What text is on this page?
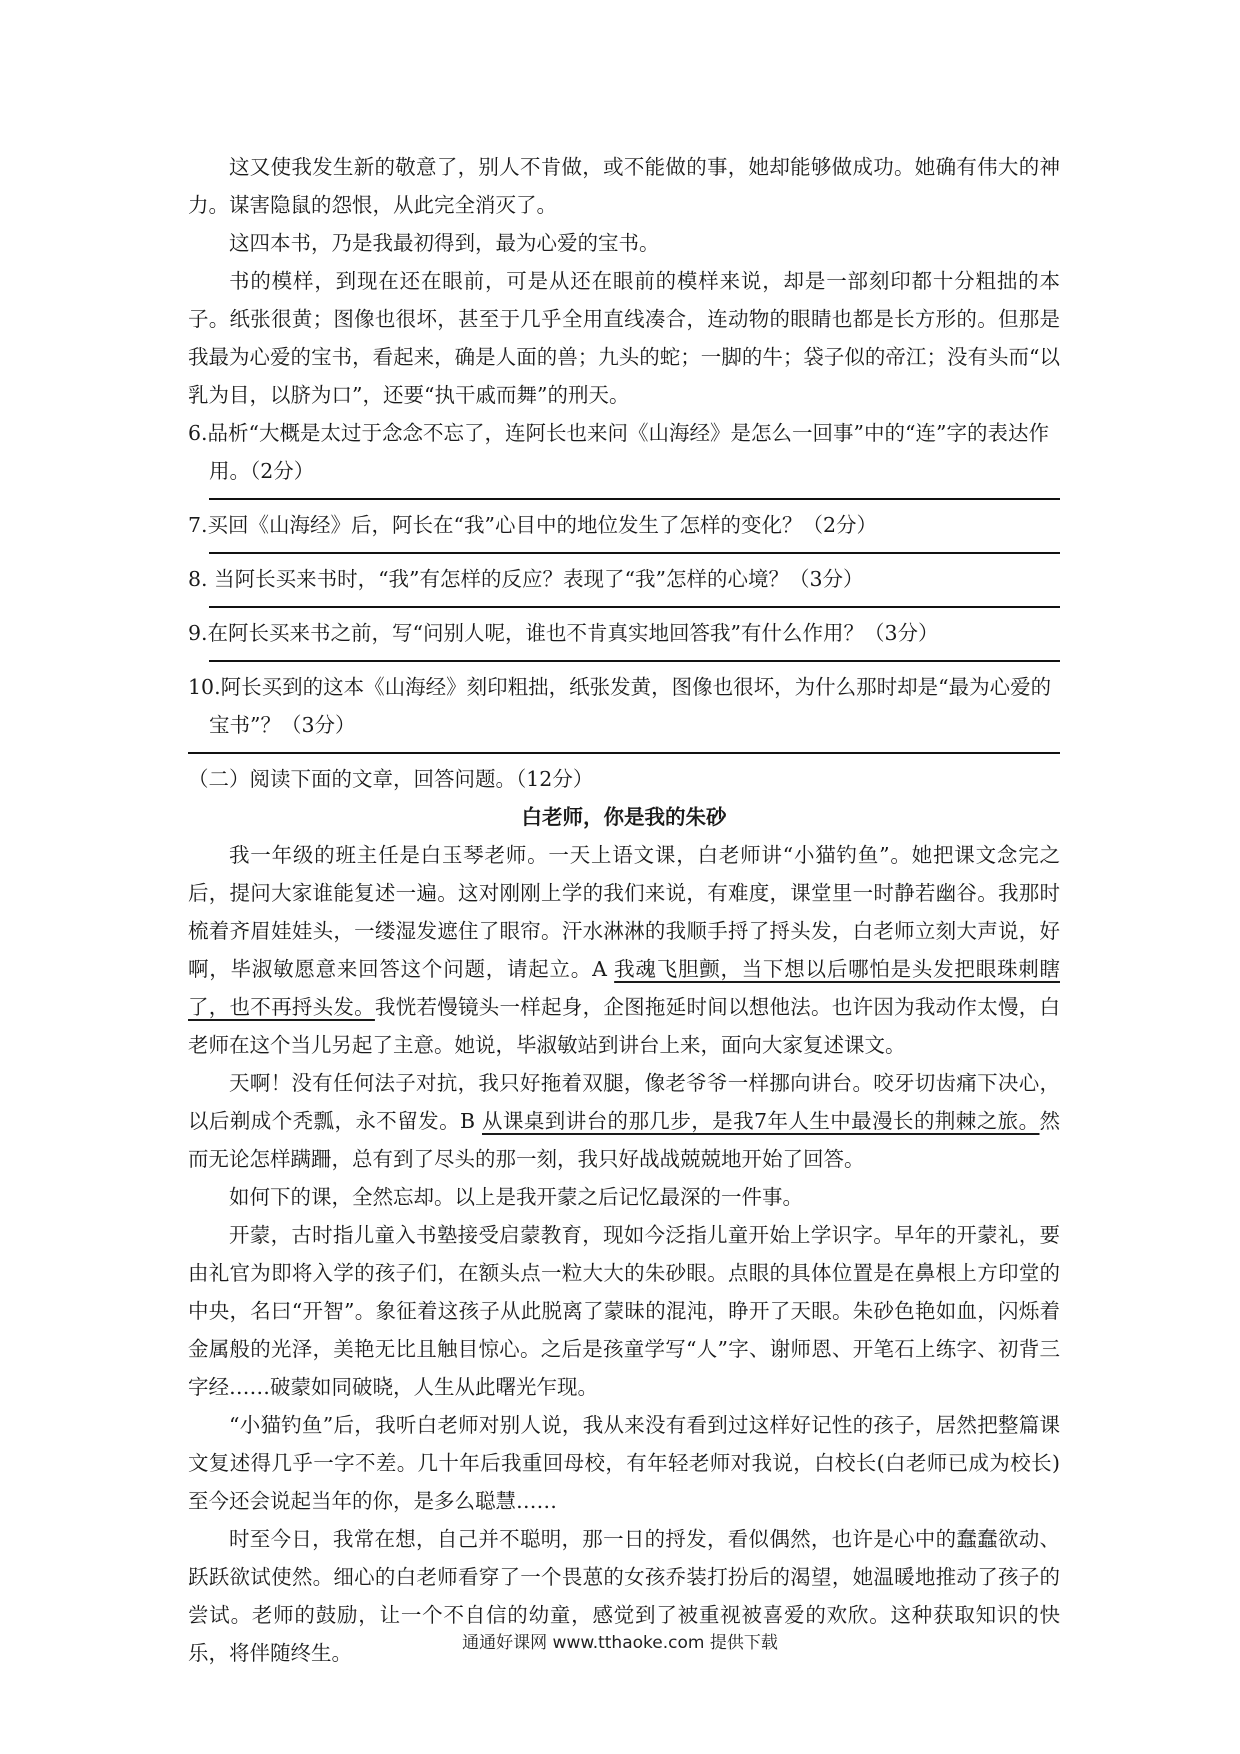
这又使我发生新的敬意了，别人不肯做，或不能做的事，她却能够做成功。她确有伟大的神力。谋害隐鼠的怨恨，从此完全消灭了。

这四本书，乃是我最初得到，最为心爱的宝书。

书的模样，到现在还在眼前，可是从还在眼前的模样来说，却是一部刻印都十分粗拙的本子。纸张很黄；图像也很坏，甚至于几乎全用直线凑合，连动物的眼睛也都是长方形的。但那是我最为心爱的宝书，看起来，确是人面的兽；九头的蛇；一脚的牛；袋子似的帝江；没有头而“以乳为目，以脐为口”，还要“执干戚而舞”的刑天。

6.品析“大概是太过于念念不忘了，连阿长也来问《山海经》是怎么一回事”中的“连”字的表达作用。（2分）

7.买回《山海经》后，阿长在“我”心目中的地位发生了怎样的变化？（2分）

8. 当阿长买来书时，“我”有怎样的反应？表现了“我”怎样的心境？（3分）

9.在阿长买来书之前，写“问别人呢，谁也不肯真实地回答我”有什么作用？（3分）

10.阿长买到的这本《山海经》刻印粗拙，纸张发黄，图像也很坏，为什么那时却是“最为心爱的宝书”？（3分）

（二）阅读下面的文章，回答问题。（12分）

白老师，你是我的朱砂

我一年级的班主任是白玉琴老师。一天上语文课，白老师讲“小猫钓鱼”。她把课文念完之后，提问大家谁能复述一遍。这对刚刚上学的我们来说，有难度，课堂里一时静若幽谷。我那时梳着齐眉娃娃头，一缕湿发遮住了眼帘。汗水淋淋的我顺手捋了捋头发，白老师立刻大声说，好啊，毕淑敏愿意来回答这个问题，请起立。A 我魂飞胆颤，当下想以后哪怕是头发把眼珠刺瞎了，也不再捋头发。我恍若慢镜头一样起身，企图拖延时间以想他法。也许因为我动作太慢，白老师在这个当儿另起了主意。她说，毕淑敏站到讲台上来，面向大家复述课文。

天啊！没有任何法子对抗，我只好拖着双腿，像老爷爷一样挪向讲台。咬牙切齿痛下决心，以后剃成个秃瓢，永不留发。B 从课桌到讲台的那几步，是我7年人生中最漫长的荆棘之旅。然而无论怎样蹒跚，总有到了尽头的那一刻，我只好战战兢兢地开始了回答。

如何下的课，全然忘却。以上是我开蒙之后记忆最深的一件事。

开蒙，古时指儿童入书塾接受启蒙教育，现如今泛指儿童开始上学识字。早年的开蒙礼，要由礼官为即将入学的孩子们，在额头点一粒大大的朱砂眼。点眼的具体位置是在鼻根上方印堂的中央，名曰“开智”。象征着这孩子从此脱离了蒙昧的混沌，睁开了天眼。朱砂色艳如血，闪烁着金属般的光泽，美艳无比且触目惊心。之后是孩童学写“人”字、谢师恩、开笔石上练字、初背三字经……破蒙如同破晓，人生从此曙光乍现。

“小猫钓鱼”后，我听白老师对别人说，我从来没有看到过这样好记性的孩子，居然把整篇课文复述得几乎一字不差。几十年后我重回母校，有年轻老师对我说，白校长(白老师已成为校长)至今还会说起当年的你，是多么聪慧……

时至今日，我常在想，自己并不聪明，那一日的捋发，看似偶然，也许是心中的蠢蠢欲动、跃跃欲试使然。细心的白老师看穿了一个畏葸的女孩乔装打扮后的渴望，她温暖地推动了孩子的尝试。老师的鼓励，让一个不自信的幼童，感觉到了被重视被喜爱的欢欣。这种获取知识的快乐，将伴随终生。	通通好课网 www.tthaoke.com 提供下载
